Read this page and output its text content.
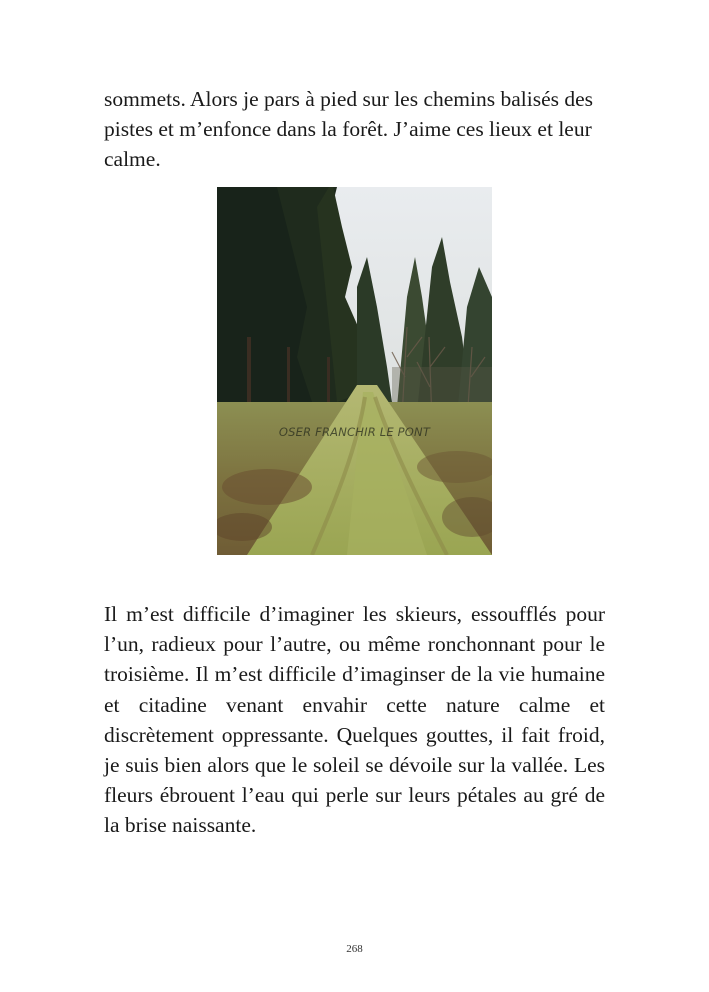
sommets. Alors je pars à pied sur les chemins balisés des pistes et m’enfonce dans la forêt. J’aime ces lieux et leur calme.

OSER FRANCHIR LE PONT

Il m’est difficile d’imaginer les skieurs, essoufflés pour l’un, radieux pour l’autre, ou même ronchonnant pour le troisième. Il m’est difficile d’imaginser de la vie humaine et citadine venant envahir cette nature calme et discrètement oppressante. Quelques gouttes, il fait froid, je suis bien alors que le soleil se dévoile sur la vallée. Les fleurs ébrouent l’eau qui perle sur leurs pétales au gré de la brise naissante.

268
